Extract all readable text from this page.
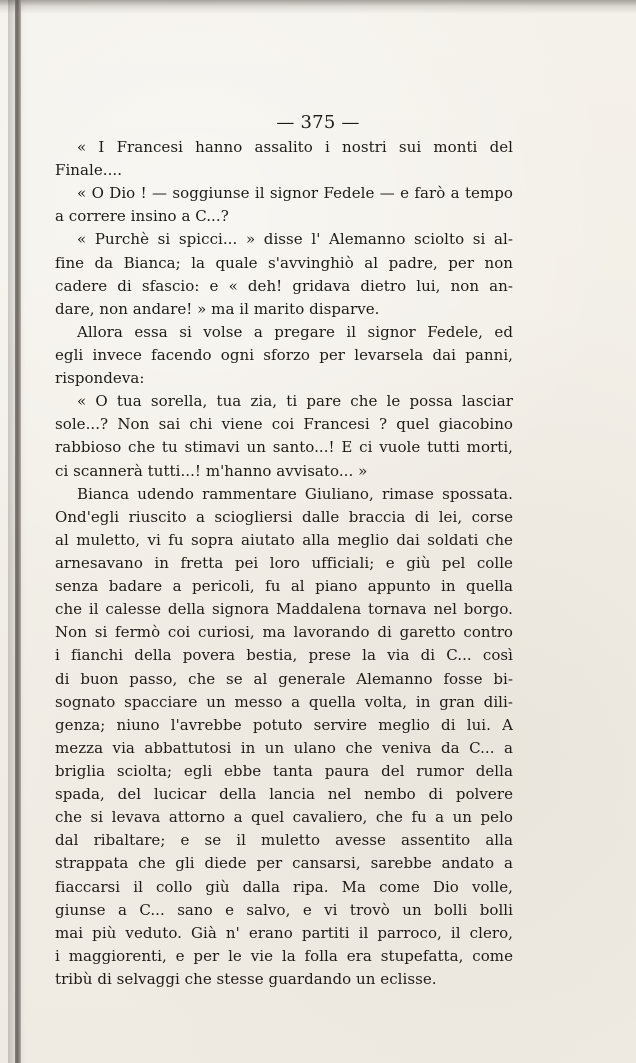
— 375 —
« I Francesi hanno assalito i nostri sui monti del
Finale....
« O Dio ! — soggiunse il signor Fedele — e farò a tempo
a correre insino a C...?
« Purchè si spicci... » disse l' Alemanno sciolto si al-
fine da Bianca; la quale s'avvinghiò al padre, per non
cadere di sfascio: e « deh! gridava dietro lui, non an-
dare, non andare! » ma il marito disparve.
Allora essa si volse a pregare il signor Fedele, ed
egli invece facendo ogni sforzo per levarsela dai panni,
rispondeva:
« O tua sorella, tua zia, ti pare che le possa lasciar
sole...? Non sai chi viene coi Francesi ? quel giacobino
rabbioso che tu stimavi un santo...! E ci vuole tutti morti,
ci scannerà tutti...! m'hanno avvisato... »
Bianca udendo rammentare Giuliano, rimase spossata.
Ond'egli riuscito a sciogliersi dalle braccia di lei, corse
al muletto, vi fu sopra aiutato alla meglio dai soldati che
arnesavano in fretta pei loro ufficiali; e giù pel colle
senza badare a pericoli, fu al piano appunto in quella
che il calesse della signora Maddalena tornava nel borgo.
Non si fermò coi curiosi, ma lavorando di garetto contro
i fianchi della povera bestia, prese la via di C... così
di buon passo, che se al generale Alemanno fosse bi-
sognato spacciare un messo a quella volta, in gran dili-
genza; niuno l'avrebbe potuto servire meglio di lui. A
mezza via abbattutosi in un ulano che veniva da C... a
briglia sciolta; egli ebbe tanta paura del rumor della
spada, del lucicar della lancia nel nembo di polvere
che si levava attorno a quel cavaliero, che fu a un pelo
dal ribaltare; e se il muletto avesse assentito alla
strappata che gli diede per cansarsi, sarebbe andato a
fiaccarsi il collo giù dalla ripa. Ma come Dio volle,
giunse a C... sano e salvo, e vi trovò un bolli bolli
mai più veduto. Già n' erano partiti il parroco, il clero,
i maggiorenti, e per le vie la folla era stupefatta, come
tribù di selvaggi che stesse guardando un eclisse.
